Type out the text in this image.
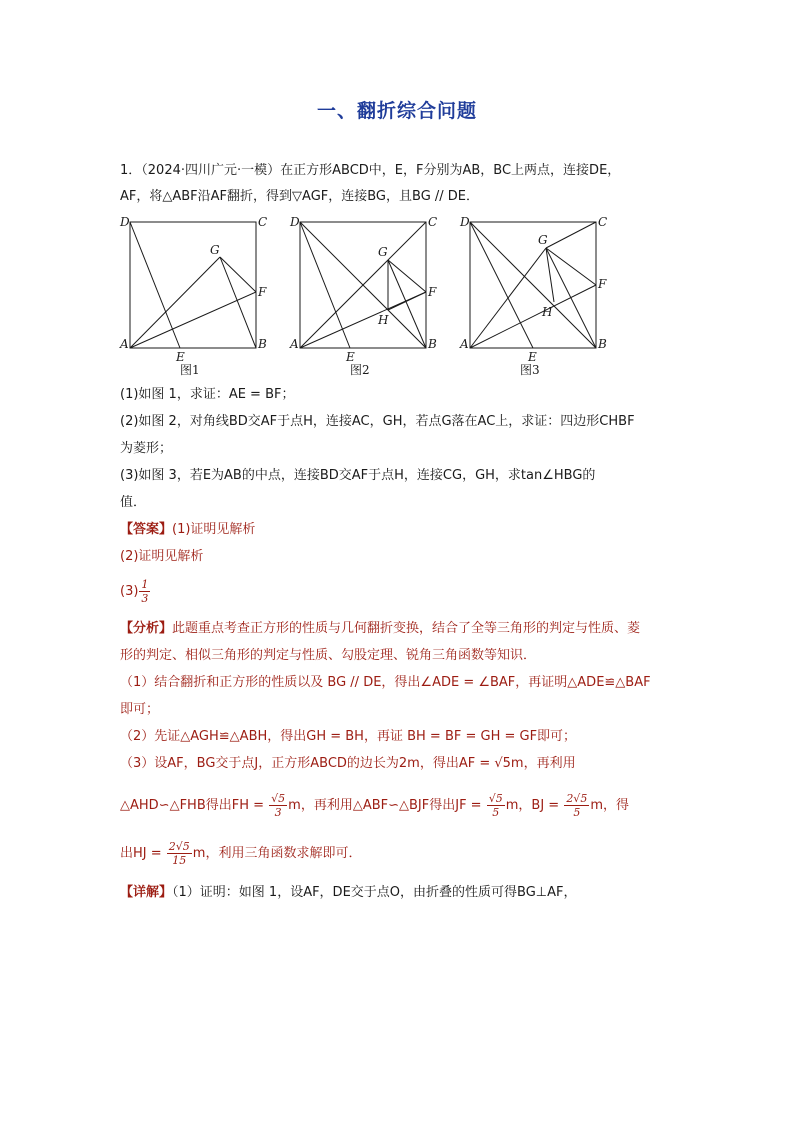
一、翻折综合问题
1．（2024·四川广元·一模）在正方形ABCD中，E，F分别为AB，BC上两点，连接DE，
AF，将△ABF沿AF翻折，得到▽AGF，连接BG，且BG // DE．
D	C
A	B
E
F
G
图1
D	C
A	B
E
F
G
H
图2
D	C
A	B
E
F
G
H
图3
(1)如图 1，求证：AE = BF；
(2)如图 2，对角线BD交AF于点H，连接AC，GH，若点G落在AC上，求证：四边形CHBF
为菱形；
(3)如图 3，若E为AB的中点，连接BD交AF于点H，连接CG，GH，求tan∠HBG的
值．
【答案】(1)证明见解析
(2)证明见解析
$(3) \frac{1}{3}$
【分析】此题重点考查正方形的性质与几何翻折变换，结合了全等三角形的判定与性质、菱
形的判定、相似三角形的判定与性质、勾股定理、锐角三角函数等知识．
（1）结合翻折和正方形的性质以及 BG // DE，得出∠ADE = ∠BAF，再证明△ADE≌△BAF
即可；
（2）先证△AGH≌△ABH，得出GH = BH，再证 BH = BF = GH = GF即可；
（3）设AF，BG交于点J，正方形ABCD的边长为2m，得出AF = √5m，再利用
△AHD∽△FHB得出FH = $\frac{√5}{3}$ m，再利用△ABF∽△BJF得出JF = $\frac{√5}{5}$ m，BJ = $\frac{2√5}{5}$ m，得
出HJ = $\frac{2√5}{15}$ m，利用三角函数求解即可．
【详解】（1）证明：如图 1，设AF，DE交于点O，由折叠的性质可得BG⊥AF，
